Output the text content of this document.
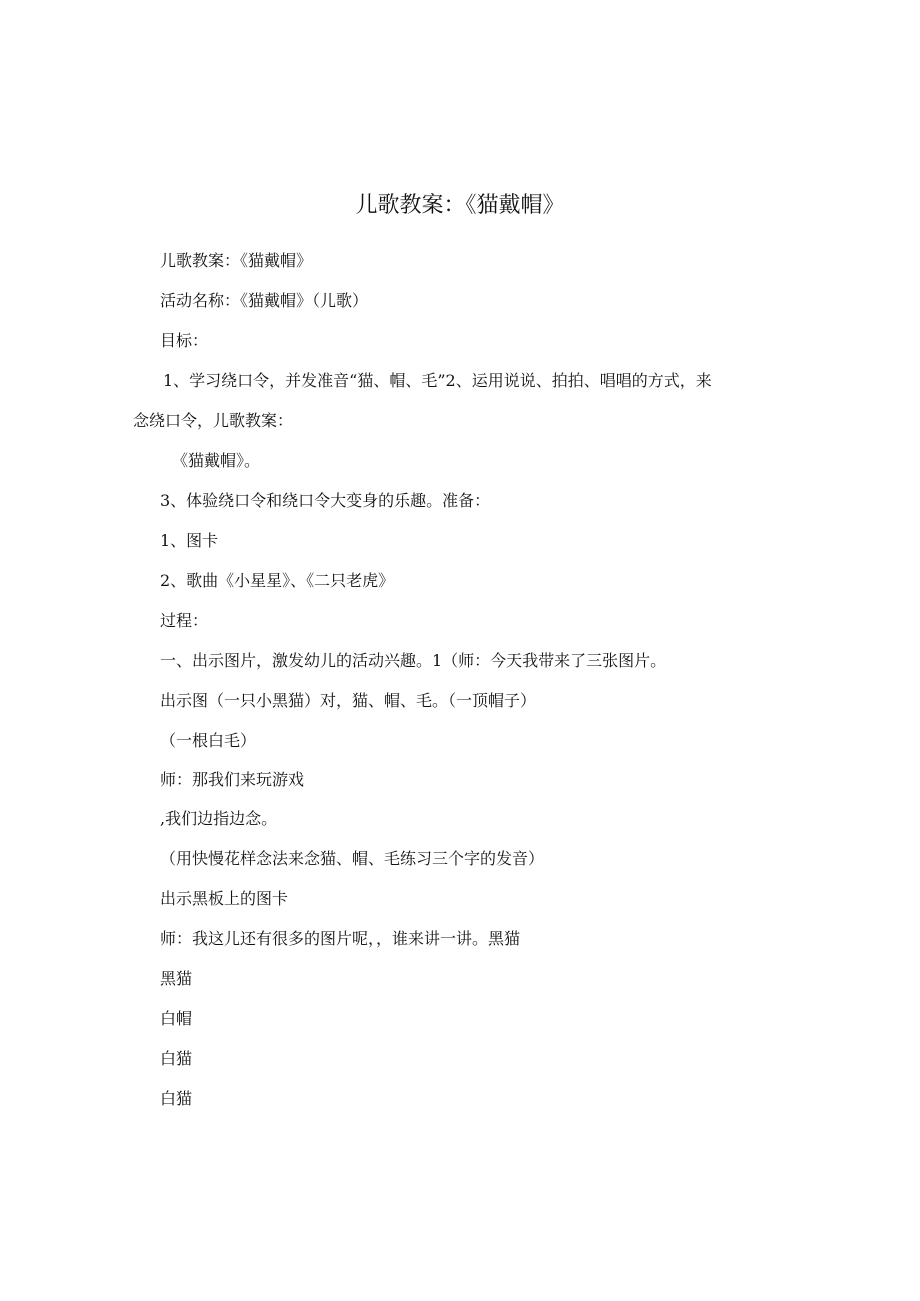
儿歌教案：《猫戴帽》
儿歌教案：《猫戴帽》
活动名称：《猫戴帽》（儿歌）
目标：
1、学习绕口令，并发准音“猫、帽、毛”2、运用说说、拍拍、唱唱的方式，来
念绕口令，儿歌教案：
《猫戴帽》。
3、体验绕口令和绕口令大变身的乐趣。准备：
1、图卡
2、歌曲《小星星》、《二只老虎》
过程：
一、出示图片，激发幼儿的活动兴趣。1（师：今天我带来了三张图片。
出示图（一只小黑猫）对，猫、帽、毛。（一顶帽子）
（一根白毛）
师：那我们来玩游戏
,我们边指边念。
（用快慢花样念法来念猫、帽、毛练习三个字的发音）
出示黑板上的图卡
师：我这儿还有很多的图片呢，，谁来讲一讲。黑猫
黑猫
白帽
白猫
白猫
